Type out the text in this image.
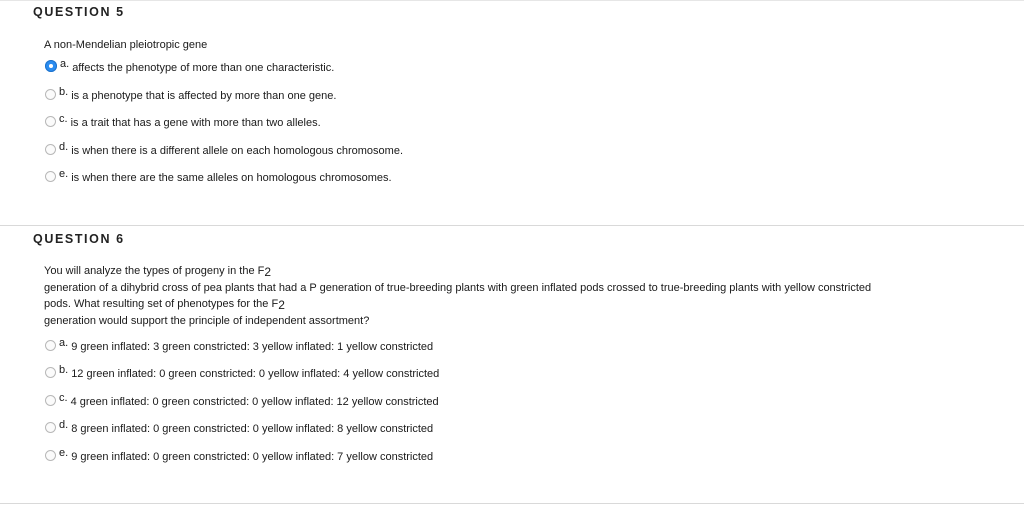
QUESTION 5
A non-Mendelian pleiotropic gene
a. affects the phenotype of more than one characteristic.
b. is a phenotype that is affected by more than one gene.
c. is a trait that has a gene with more than two alleles.
d. is when there is a different allele on each homologous chromosome.
e. is when there are the same alleles on homologous chromosomes.
QUESTION 6
You will analyze the types of progeny in the F2
generation of a dihybrid cross of pea plants that had a P generation of true-breeding plants with green inflated pods crossed to true-breeding plants with yellow constricted
pods. What resulting set of phenotypes for the F2
generation would support the principle of independent assortment?
a. 9 green inflated: 3 green constricted: 3 yellow inflated: 1 yellow constricted
b. 12 green inflated: 0 green constricted: 0 yellow inflated: 4 yellow constricted
c. 4 green inflated: 0 green constricted: 0 yellow inflated: 12 yellow constricted
d. 8 green inflated: 0 green constricted: 0 yellow inflated: 8 yellow constricted
e. 9 green inflated: 0 green constricted: 0 yellow inflated: 7 yellow constricted
